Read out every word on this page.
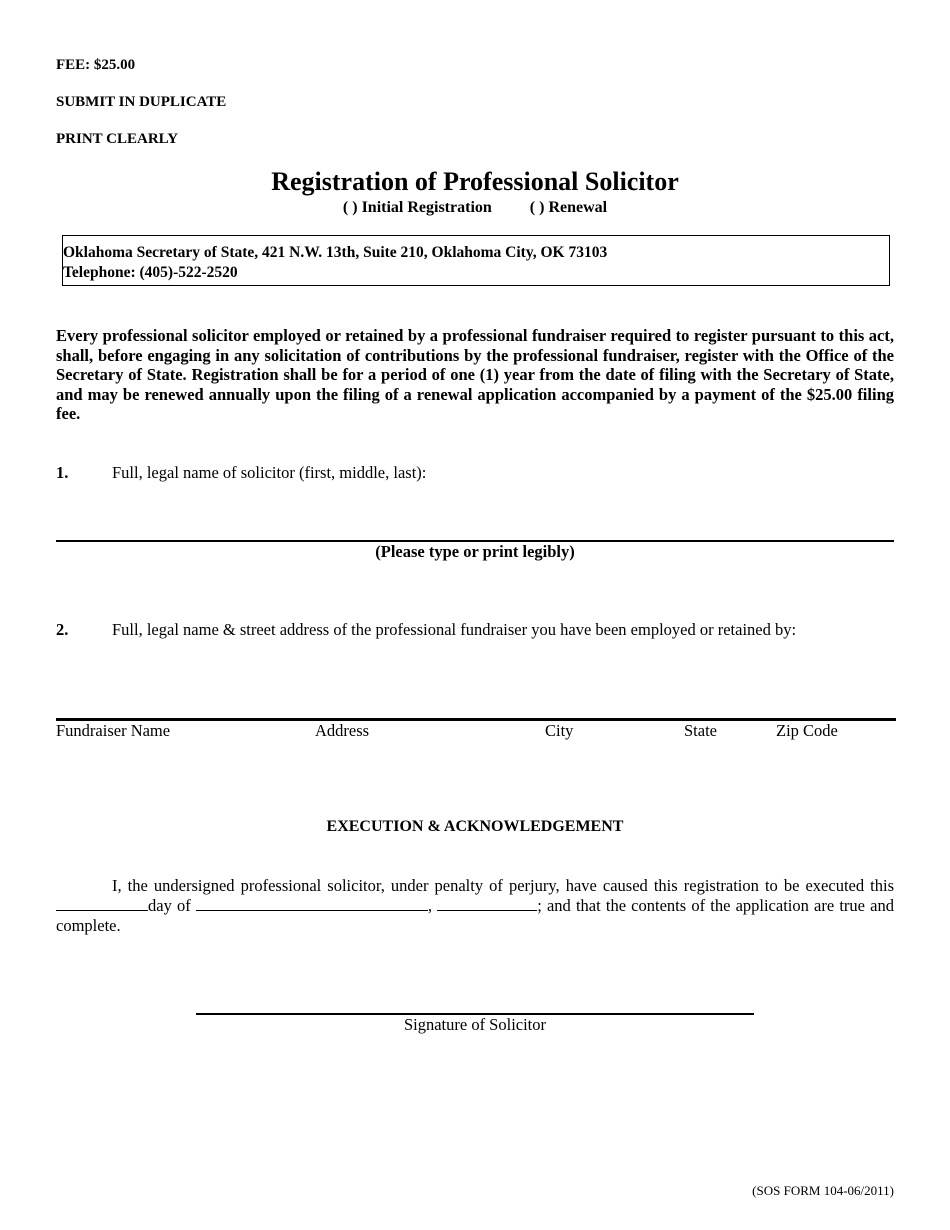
FEE: $25.00
SUBMIT IN DUPLICATE
PRINT CLEARLY
Registration of Professional Solicitor
( ) Initial Registration ( ) Renewal
Oklahoma Secretary of State, 421 N.W. 13th, Suite 210, Oklahoma City, OK 73103
Telephone: (405)-522-2520
Every professional solicitor employed or retained by a professional fundraiser required to register pursuant to this act, shall, before engaging in any solicitation of contributions by the professional fundraiser, register with the Office of the Secretary of State. Registration shall be for a period of one (1) year from the date of filing with the Secretary of State, and may be renewed annually upon the filing of a renewal application accompanied by a payment of the $25.00 filing fee.
1.	Full, legal name of solicitor (first, middle, last):
(Please type or print legibly)
2.	Full, legal name & street address of the professional fundraiser you have been employed or retained by:
Fundraiser Name	Address	City	State	Zip Code
EXECUTION & ACKNOWLEDGEMENT
I, the undersigned professional solicitor, under penalty of perjury, have caused this registration to be executed this day of	,	; and that the contents of the application are true and complete.
Signature of Solicitor
(SOS FORM 104-06/2011)
